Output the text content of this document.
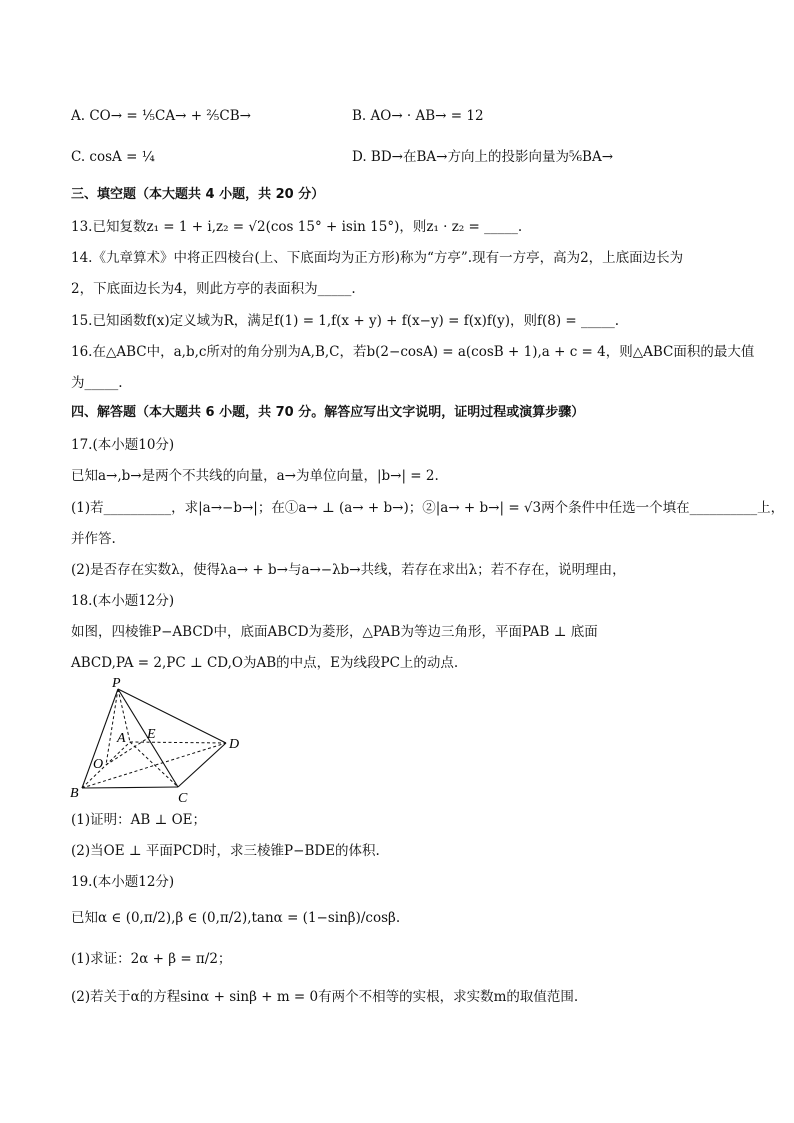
A. CO→ = ⅕CA→ + ⅖CB→	B. AO→ · AB→ = 12
C. cosA = ¼	D. BD→在BA→方向上的投影向量为⅚BA→
三、填空题（本大题共 4 小题，共 20 分）
13.已知复数z₁ = 1 + i,z₂ = √2(cos 15° + isin 15°)，则z₁ · z₂ = _____.
14.《九章算术》中将正四棱台(上、下底面均为正方形)称为“方亭”.现有一方亭，高为2，上底面边长为
2，下底面边长为4，则此方亭的表面积为_____.
15.已知函数f(x)定义域为R，满足f(1) = 1,f(x + y) + f(x−y) = f(x)f(y)，则f(8) = _____.
16.在△ABC中，a,b,c所对的角分别为A,B,C，若b(2−cosA) = a(cosB + 1),a + c = 4，则△ABC面积的最大值
为_____.
四、解答题（本大题共 6 小题，共 70 分。解答应写出文字说明，证明过程或演算步骤）
17.(本小题10分)
已知a→,b→是两个不共线的向量，a→为单位向量，|b→| = 2.
(1)若__________，求|a→−b→|；在①a→ ⊥ (a→ + b→)；②|a→ + b→| = √3两个条件中任选一个填在__________上，
并作答.
(2)是否存在实数λ，使得λa→ + b→与a→−λb→共线，若存在求出λ；若不存在，说明理由，
18.(本小题12分)
如图，四棱锥P−ABCD中，底面ABCD为菱形，△PAB为等边三角形，平面PAB ⊥ 底面
ABCD,PA = 2,PC ⊥ CD,O为AB的中点，E为线段PC上的动点.
P
A E
D
O
B	C
(1)证明：AB ⊥ OE；
(2)当OE ⊥ 平面PCD时，求三棱锥P−BDE的体积.
19.(本小题12分)
已知α ∈ (0,π/2),β ∈ (0,π/2),tanα = (1−sinβ)/cosβ.
(1)求证：2α + β = π/2；
(2)若关于α的方程sinα + sinβ + m = 0有两个不相等的实根，求实数m的取值范围.
